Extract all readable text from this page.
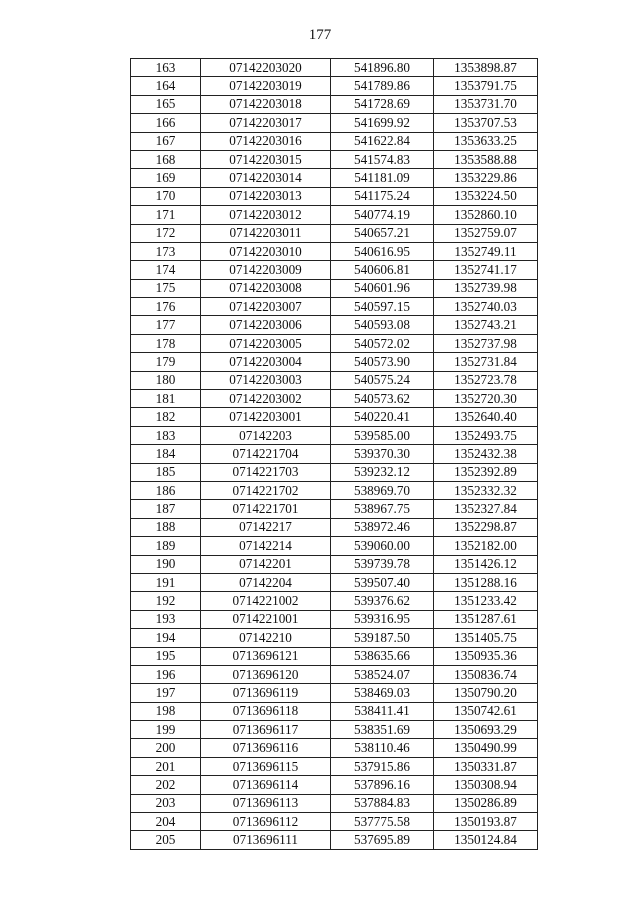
177
163	07142203020	541896.80	1353898.87
164	07142203019	541789.86	1353791.75
165	07142203018	541728.69	1353731.70
166	07142203017	541699.92	1353707.53
167	07142203016	541622.84	1353633.25
168	07142203015	541574.83	1353588.88
169	07142203014	541181.09	1353229.86
170	07142203013	541175.24	1353224.50
171	07142203012	540774.19	1352860.10
172	07142203011	540657.21	1352759.07
173	07142203010	540616.95	1352749.11
174	07142203009	540606.81	1352741.17
175	07142203008	540601.96	1352739.98
176	07142203007	540597.15	1352740.03
177	07142203006	540593.08	1352743.21
178	07142203005	540572.02	1352737.98
179	07142203004	540573.90	1352731.84
180	07142203003	540575.24	1352723.78
181	07142203002	540573.62	1352720.30
182	07142203001	540220.41	1352640.40
183	07142203	539585.00	1352493.75
184	0714221704	539370.30	1352432.38
185	0714221703	539232.12	1352392.89
186	0714221702	538969.70	1352332.32
187	0714221701	538967.75	1352327.84
188	07142217	538972.46	1352298.87
189	07142214	539060.00	1352182.00
190	07142201	539739.78	1351426.12
191	07142204	539507.40	1351288.16
192	0714221002	539376.62	1351233.42
193	0714221001	539316.95	1351287.61
194	07142210	539187.50	1351405.75
195	0713696121	538635.66	1350935.36
196	0713696120	538524.07	1350836.74
197	0713696119	538469.03	1350790.20
198	0713696118	538411.41	1350742.61
199	0713696117	538351.69	1350693.29
200	0713696116	538110.46	1350490.99
201	0713696115	537915.86	1350331.87
202	0713696114	537896.16	1350308.94
203	0713696113	537884.83	1350286.89
204	0713696112	537775.58	1350193.87
205	0713696111	537695.89	1350124.84
